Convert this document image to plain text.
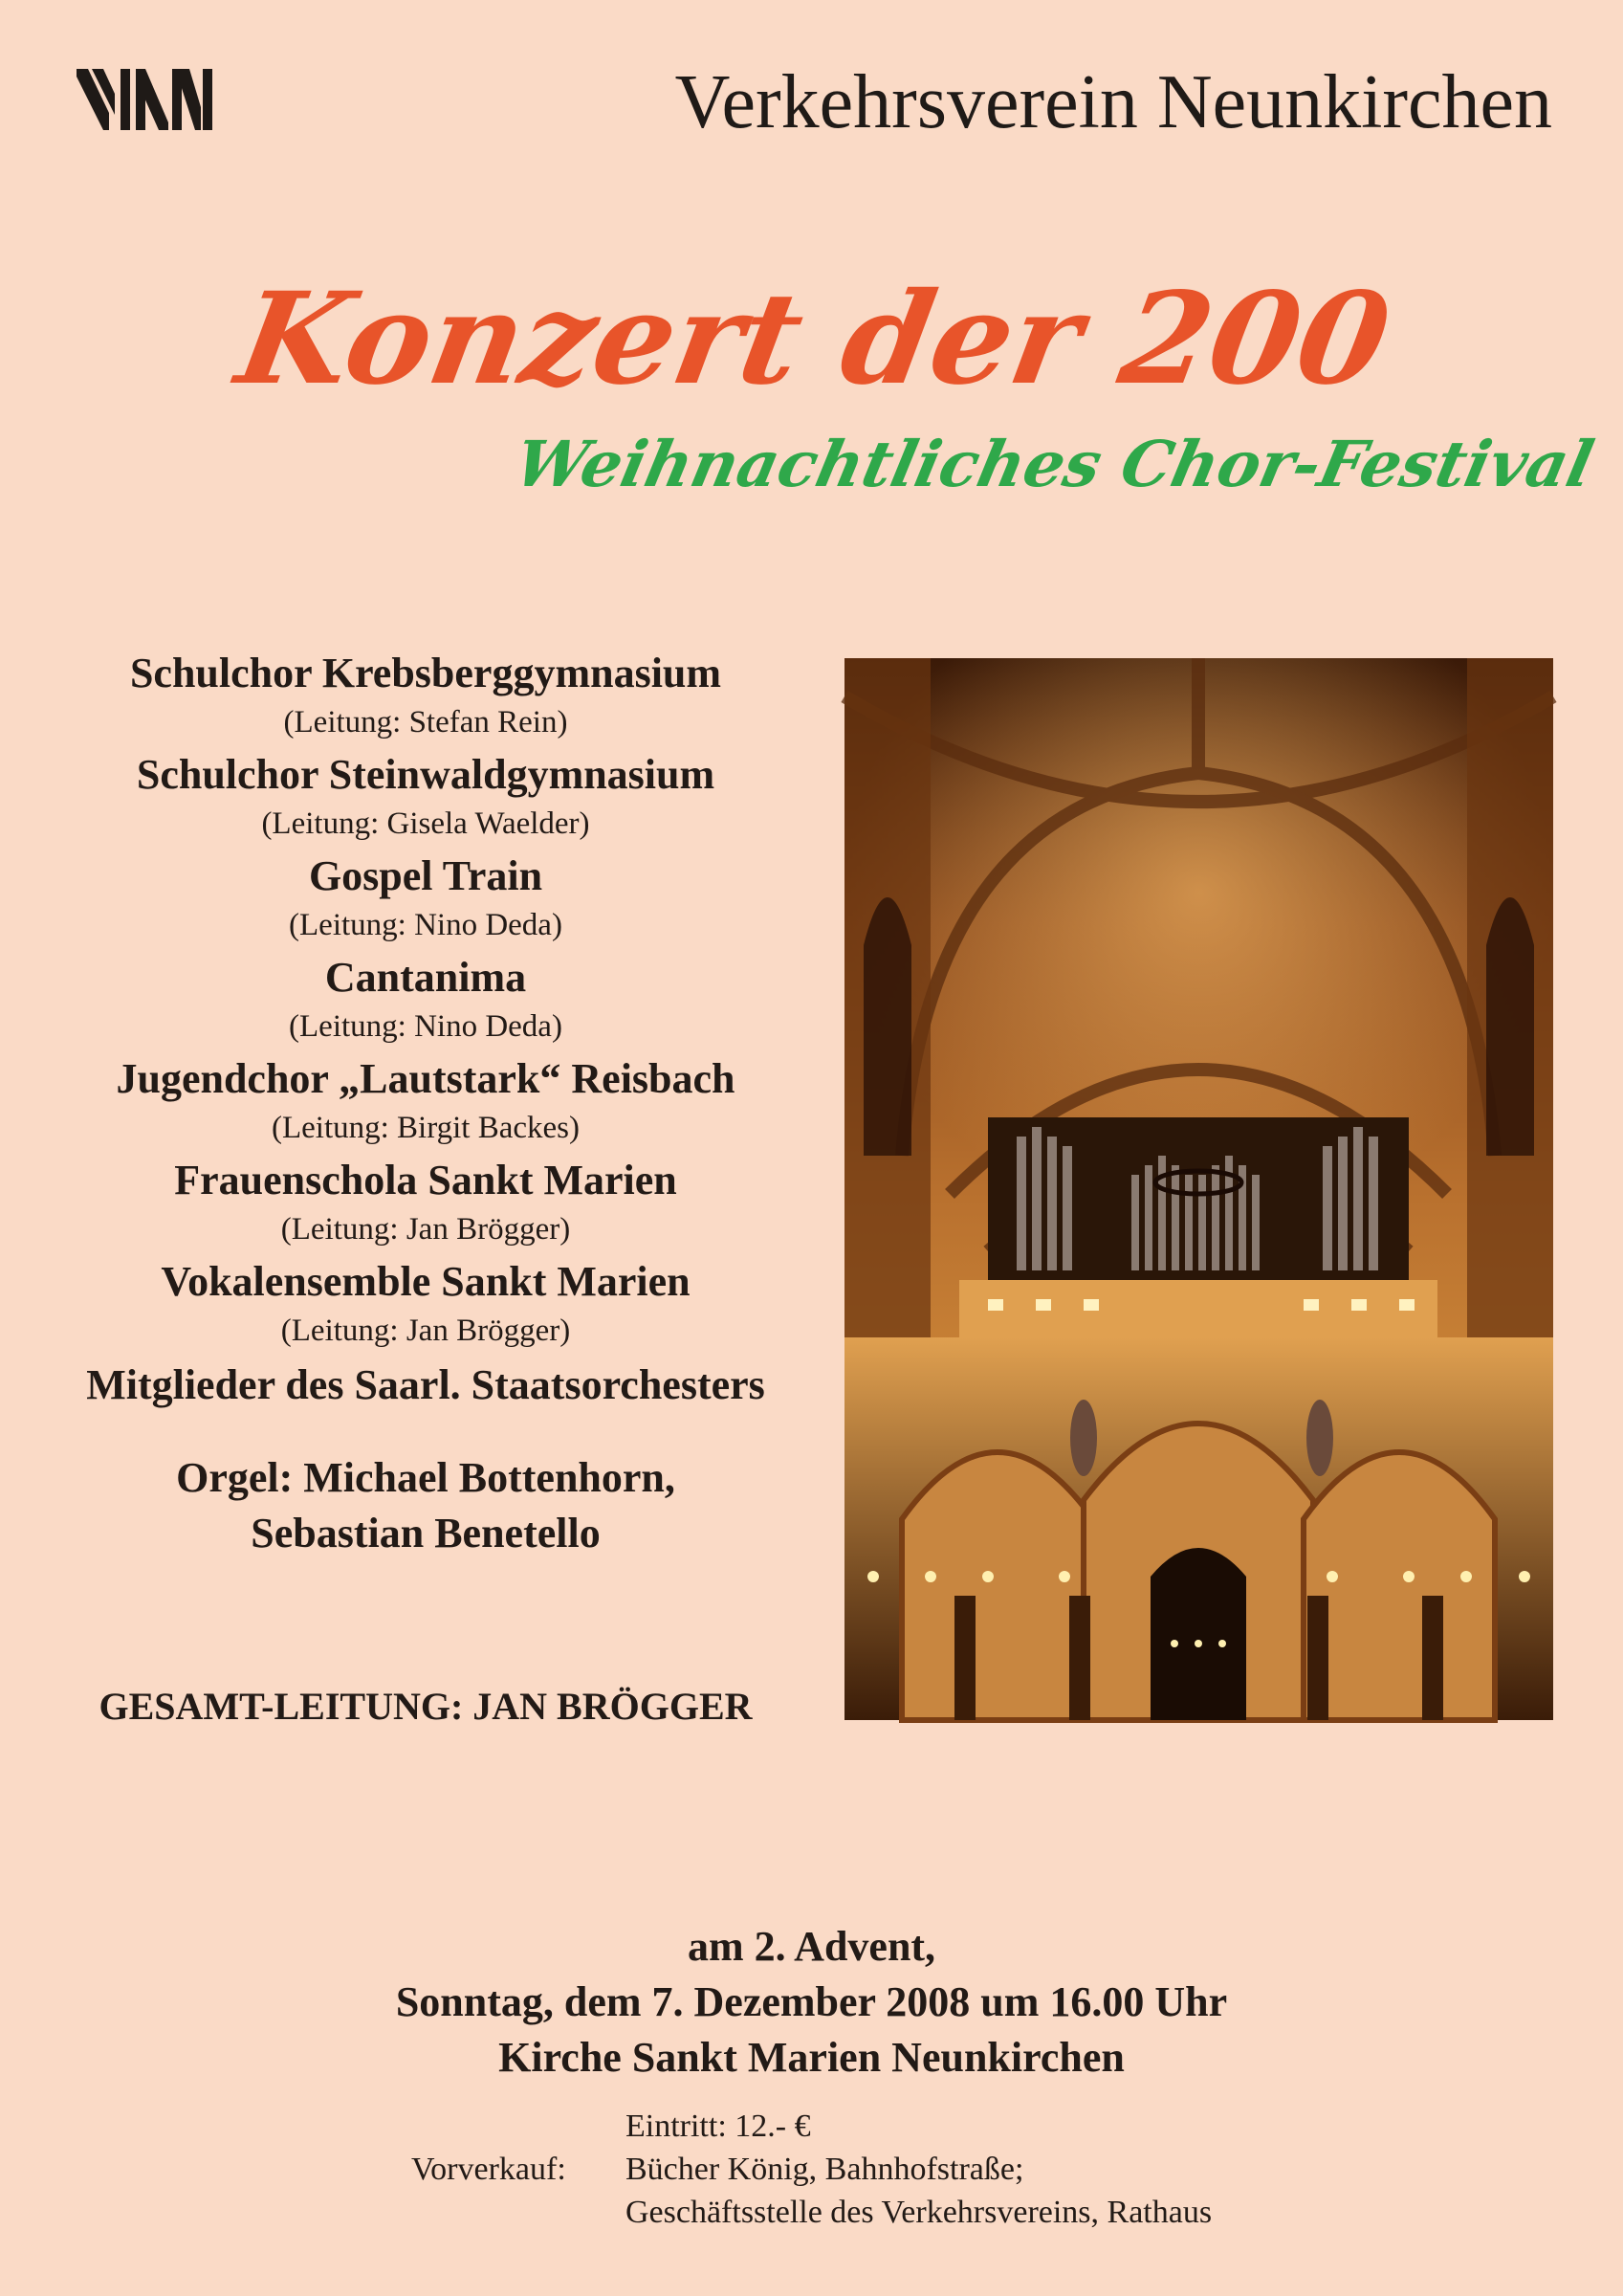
Verkehrsverein Neunkirchen
Konzert der 200
Weihnachtliches Chor-Festival
Schulchor Krebsberggymnasium
(Leitung: Stefan Rein)
Schulchor Steinwaldgymnasium
(Leitung: Gisela Waelder)
Gospel Train
(Leitung: Nino Deda)
Cantanima
(Leitung: Nino Deda)
Jugendchor „Lautstark“ Reisbach
(Leitung: Birgit Backes)
Frauenschola Sankt Marien
(Leitung: Jan Brögger)
Vokalensemble Sankt Marien
(Leitung: Jan Brögger)
Mitglieder des Saarl. Staatsorchesters
Orgel: Michael Bottenhorn,
Sebastian Benetello
GESAMT-LEITUNG: JAN BRÖGGER
am 2. Advent,
Sonntag, dem 7. Dezember 2008 um 16.00 Uhr
Kirche Sankt Marien Neunkirchen
Eintritt: 12.- €
Vorverkauf: Bücher König, Bahnhofstraße;
Geschäftsstelle des Verkehrsvereins, Rathaus
